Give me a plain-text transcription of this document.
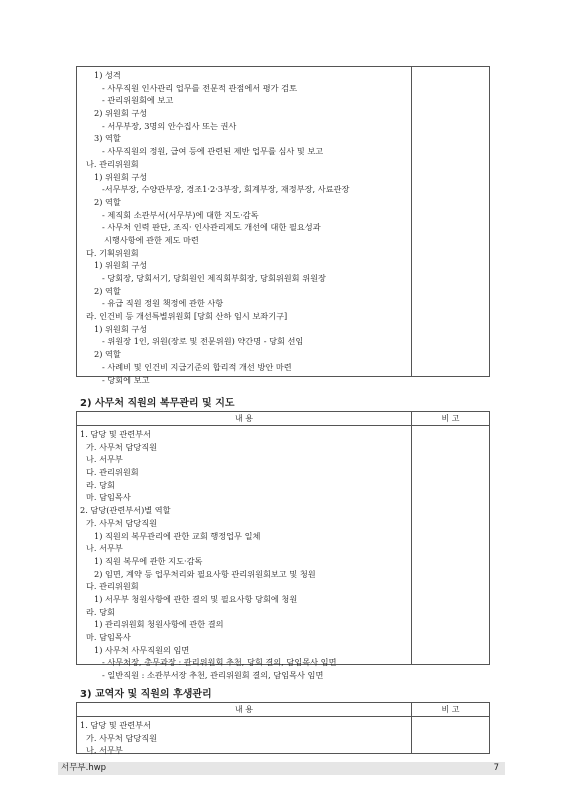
1) 성격
- 사무직원 인사관리 업무를 전문적 관점에서 평가 검토
- 관리위원회에 보고
2) 위원회 구성
- 서무부장, 3명의 안수집사 또는 권사
3) 역할
- 사무직원의 정원, 급여 등에 관련된 제반 업무를 심사 및 보고
나. 관리위원회
1) 위원회 구성
-서무부장, 수양관부장, 경조1·2·3부장, 회계부장, 재정부장, 사료관장
2) 역할
- 제직회 소관부서(서무부)에 대한 지도·감독
- 사무처 인력 판단, 조직· 인사관리제도 개선에 대한 필요성과
시행사항에 관한 제도 마련
다. 기획위원회
1) 위원회 구성
- 당회장, 당회서기, 당회원인 제직회부회장, 당회위원회 위원장
2) 역할
- 유급 직원 정원 책정에 관한 사항
라. 인건비 등 개선특별위원회 [당회 산하 임시 보좌기구]
1) 위원회 구성
- 위원장 1인, 위원(장로 및 전문위원) 약간명 - 당회 선임
2) 역할
- 사례비 및 인건비 지급기준의 합리적 개선 방안 마련
- 당회에 보고
2) 사무처 직원의 복무관리 및 지도
내 용	비 고
1. 담당 및 관련부서
가. 사무처 담당직원
나. 서무부
다. 관리위원회
라. 당회
마. 담임목사
2. 담당(관련부서)별 역할
가. 사무처 담당직원
1) 직원의 복무관리에 관한 교회 행정업무 일체
나. 서무부
1) 직원 복무에 관한 지도·감독
2) 임면, 계약 등 업무처리와 필요사항 관리위원회보고 및 청원
다. 관리위원회
1) 서무부 청원사항에 관한 결의 및 필요사항 당회에 청원
라. 당회
1) 관리위원회 청원사항에 관한 결의
마. 담임목사
1) 사무처 사무직원의 임면
- 사무처장, 총무과장 : 관리위원회 추천, 당회 결의, 담임목사 임면
- 일반직원 : 소관부서장 추천, 관리위원회 결의, 담임목사 임면
3) 교역자 및 직원의 후생관리
내 용	비 고
1. 담당 및 관련부서
가. 사무처 담당직원
나. 서무부
서무부.hwp	7
